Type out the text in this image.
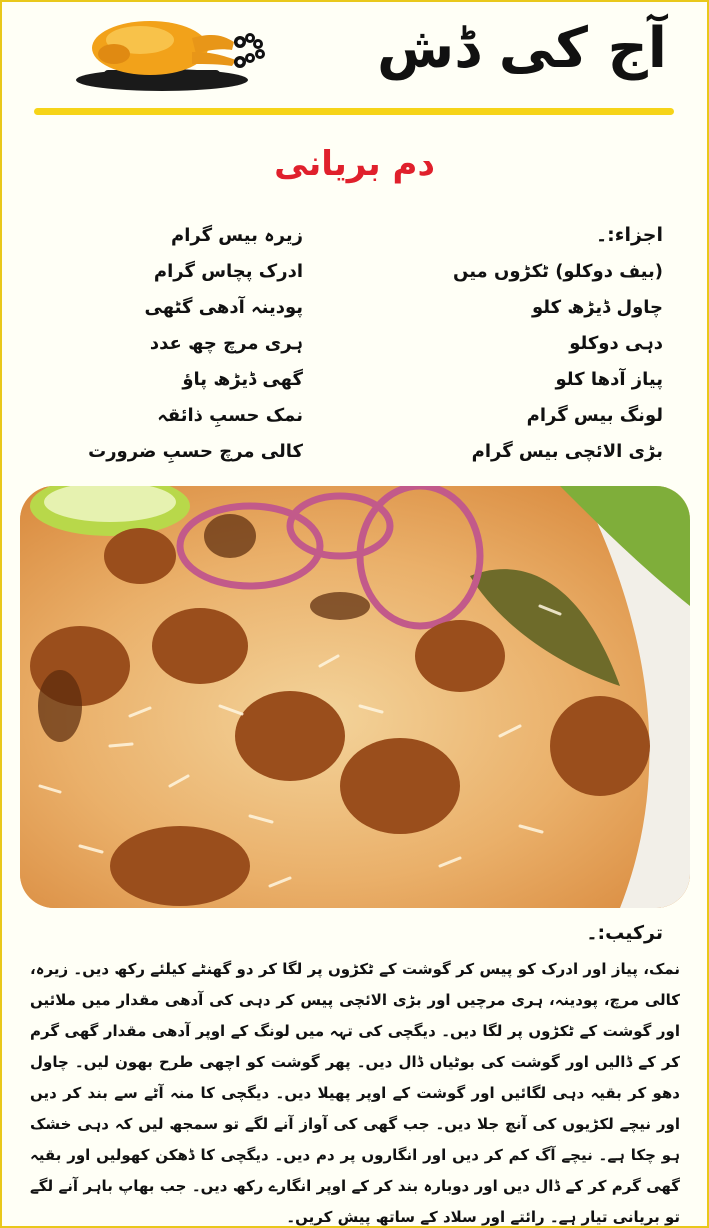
آج کی ڈش
دم بریانی
اجزاء:۔
(بیف دوکلو) ٹکڑوں میں
چاول ڈیڑھ کلو
دہی دوکلو
پیاز آدھا کلو
لونگ بیس گرام
بڑی الائچی بیس گرام
زیرہ بیس گرام
ادرک پچاس گرام
پودینہ آدھی گٹھی
ہری مرچ چھ عدد
گھی ڈیڑھ پاؤ
نمک حسبِ ذائقہ
کالی مرچ حسبِ ضرورت
ترکیب:۔

نمک، پیاز اور ادرک کو پیس کر گوشت کے ٹکڑوں پر لگا کر دو گھنٹے کیلئے رکھ دیں۔ زیرہ، کالی مرچ، پودینہ، ہری مرچیں اور بڑی الائچی پیس کر دہی کی آدھی مقدار میں ملائیں اور گوشت کے ٹکڑوں پر لگا دیں۔ دیگچی کی تہہ میں لونگ کے اوپر آدھی مقدار گھی گرم کر کے ڈالیں اور گوشت کی بوٹیاں ڈال دیں۔ پھر گوشت کو اچھی طرح بھون لیں۔ چاول دھو کر بقیہ دہی لگائیں اور گوشت کے اوپر پھیلا دیں۔ دیگچی کا منہ آٹے سے بند کر دیں اور نیچے لکڑیوں کی آنچ جلا دیں۔ جب گھی کی آواز آنے لگے تو سمجھ لیں کہ دہی خشک ہو چکا ہے۔ نیچے آگ کم کر دیں اور انگاروں پر دم دیں۔ دیگچی کا ڈھکن کھولیں اور بقیہ گھی گرم کر کے ڈال دیں اور دوبارہ بند کر کے اوپر انگارے رکھ دیں۔ جب بھاپ باہر آنے لگے تو بریانی تیار ہے۔ رائتے اور سلاد کے ساتھ پیش کریں۔
